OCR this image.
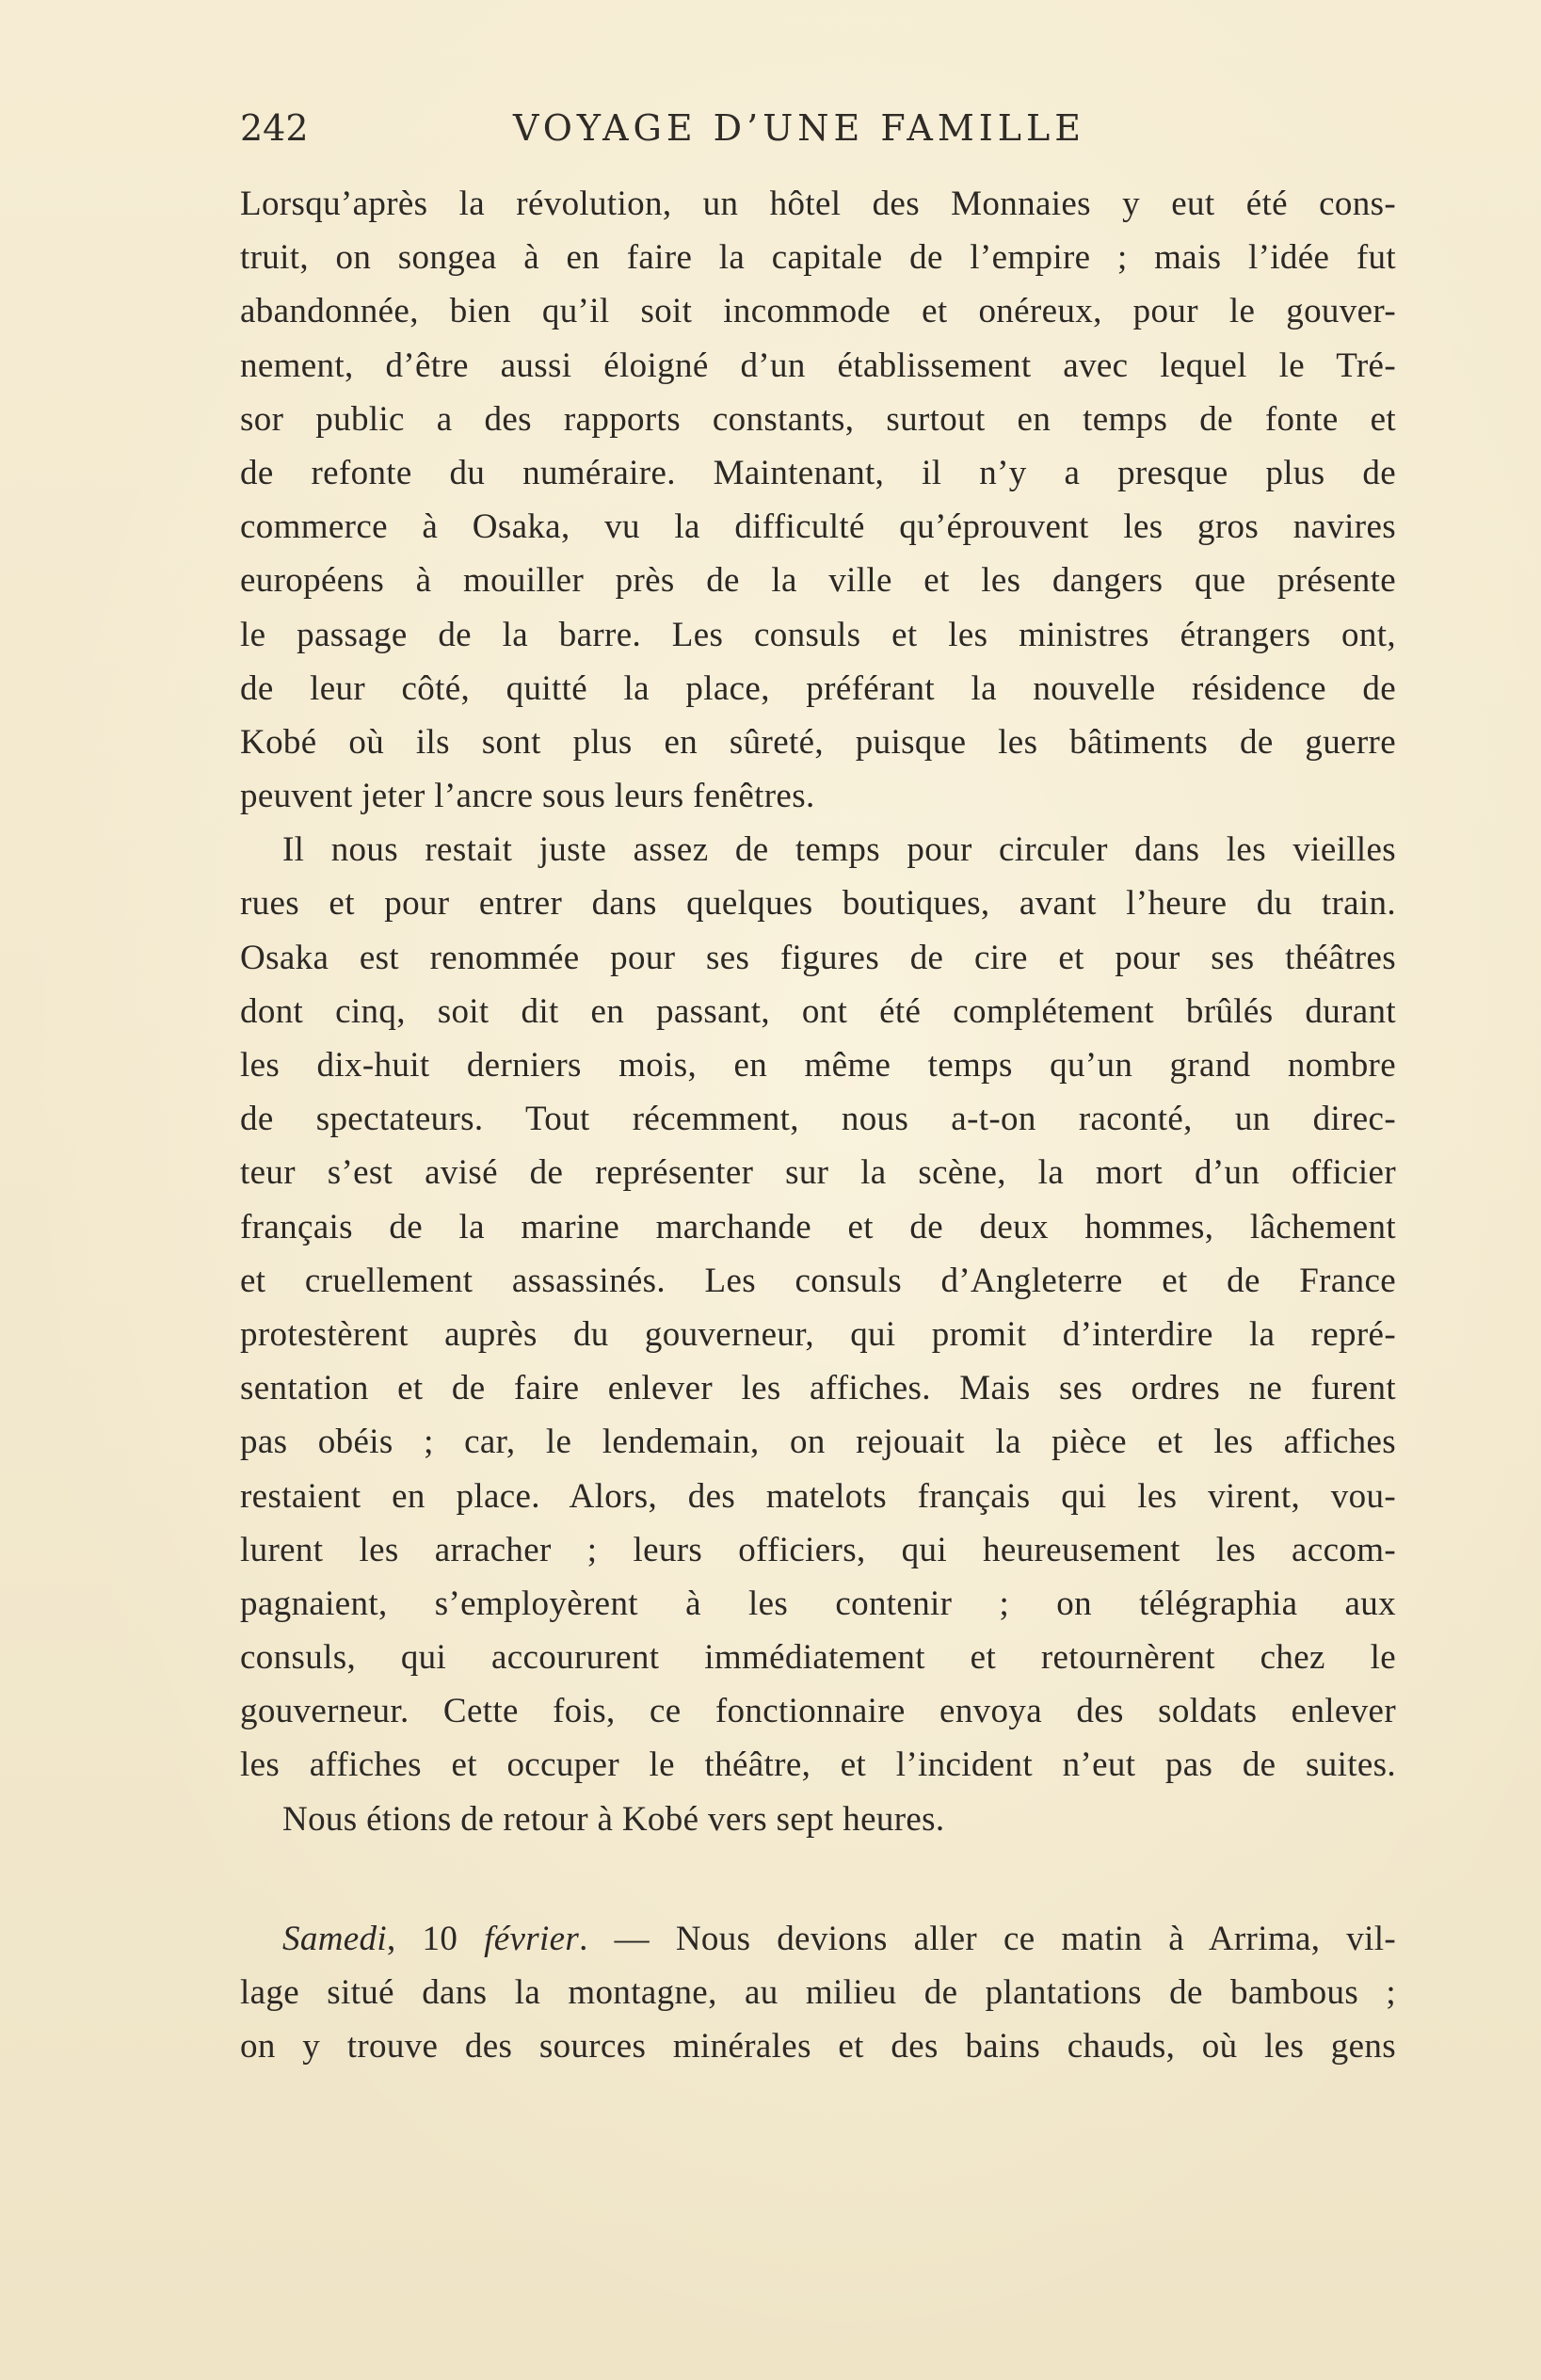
242	VOYAGE D’UNE FAMILLE
Lorsqu’après la révolution, un hôtel des Monnaies y eut été cons-
truit, on songea à en faire la capitale de l’empire ; mais l’idée fut
abandonnée, bien qu’il soit incommode et onéreux, pour le gouver-
nement, d’être aussi éloigné d’un établissement avec lequel le Tré-
sor public a des rapports constants, surtout en temps de fonte et
de refonte du numéraire. Maintenant, il n’y a presque plus de
commerce à Osaka, vu la difficulté qu’éprouvent les gros navires
européens à mouiller près de la ville et les dangers que présente
le passage de la barre. Les consuls et les ministres étrangers ont,
de leur côté, quitté la place, préférant la nouvelle résidence de
Kobé où ils sont plus en sûreté, puisque les bâtiments de guerre
peuvent jeter l’ancre sous leurs fenêtres.
Il nous restait juste assez de temps pour circuler dans les vieilles
rues et pour entrer dans quelques boutiques, avant l’heure du train.
Osaka est renommée pour ses figures de cire et pour ses théâtres
dont cinq, soit dit en passant, ont été complétement brûlés durant
les dix-huit derniers mois, en même temps qu’un grand nombre
de spectateurs. Tout récemment, nous a-t-on raconté, un direc-
teur s’est avisé de représenter sur la scène, la mort d’un officier
français de la marine marchande et de deux hommes, lâchement
et cruellement assassinés. Les consuls d’Angleterre et de France
protestèrent auprès du gouverneur, qui promit d’interdire la repré-
sentation et de faire enlever les affiches. Mais ses ordres ne furent
pas obéis ; car, le lendemain, on rejouait la pièce et les affiches
restaient en place. Alors, des matelots français qui les virent, vou-
lurent les arracher ; leurs officiers, qui heureusement les accom-
pagnaient, s’employèrent à les contenir ; on télégraphia aux
consuls, qui accoururent immédiatement et retournèrent chez le
gouverneur. Cette fois, ce fonctionnaire envoya des soldats enlever
les affiches et occuper le théâtre, et l’incident n’eut pas de suites.
Nous étions de retour à Kobé vers sept heures.
Samedi, 10 février. — Nous devions aller ce matin à Arrima, vil-
lage situé dans la montagne, au milieu de plantations de bambous ;
on y trouve des sources minérales et des bains chauds, où les gens
